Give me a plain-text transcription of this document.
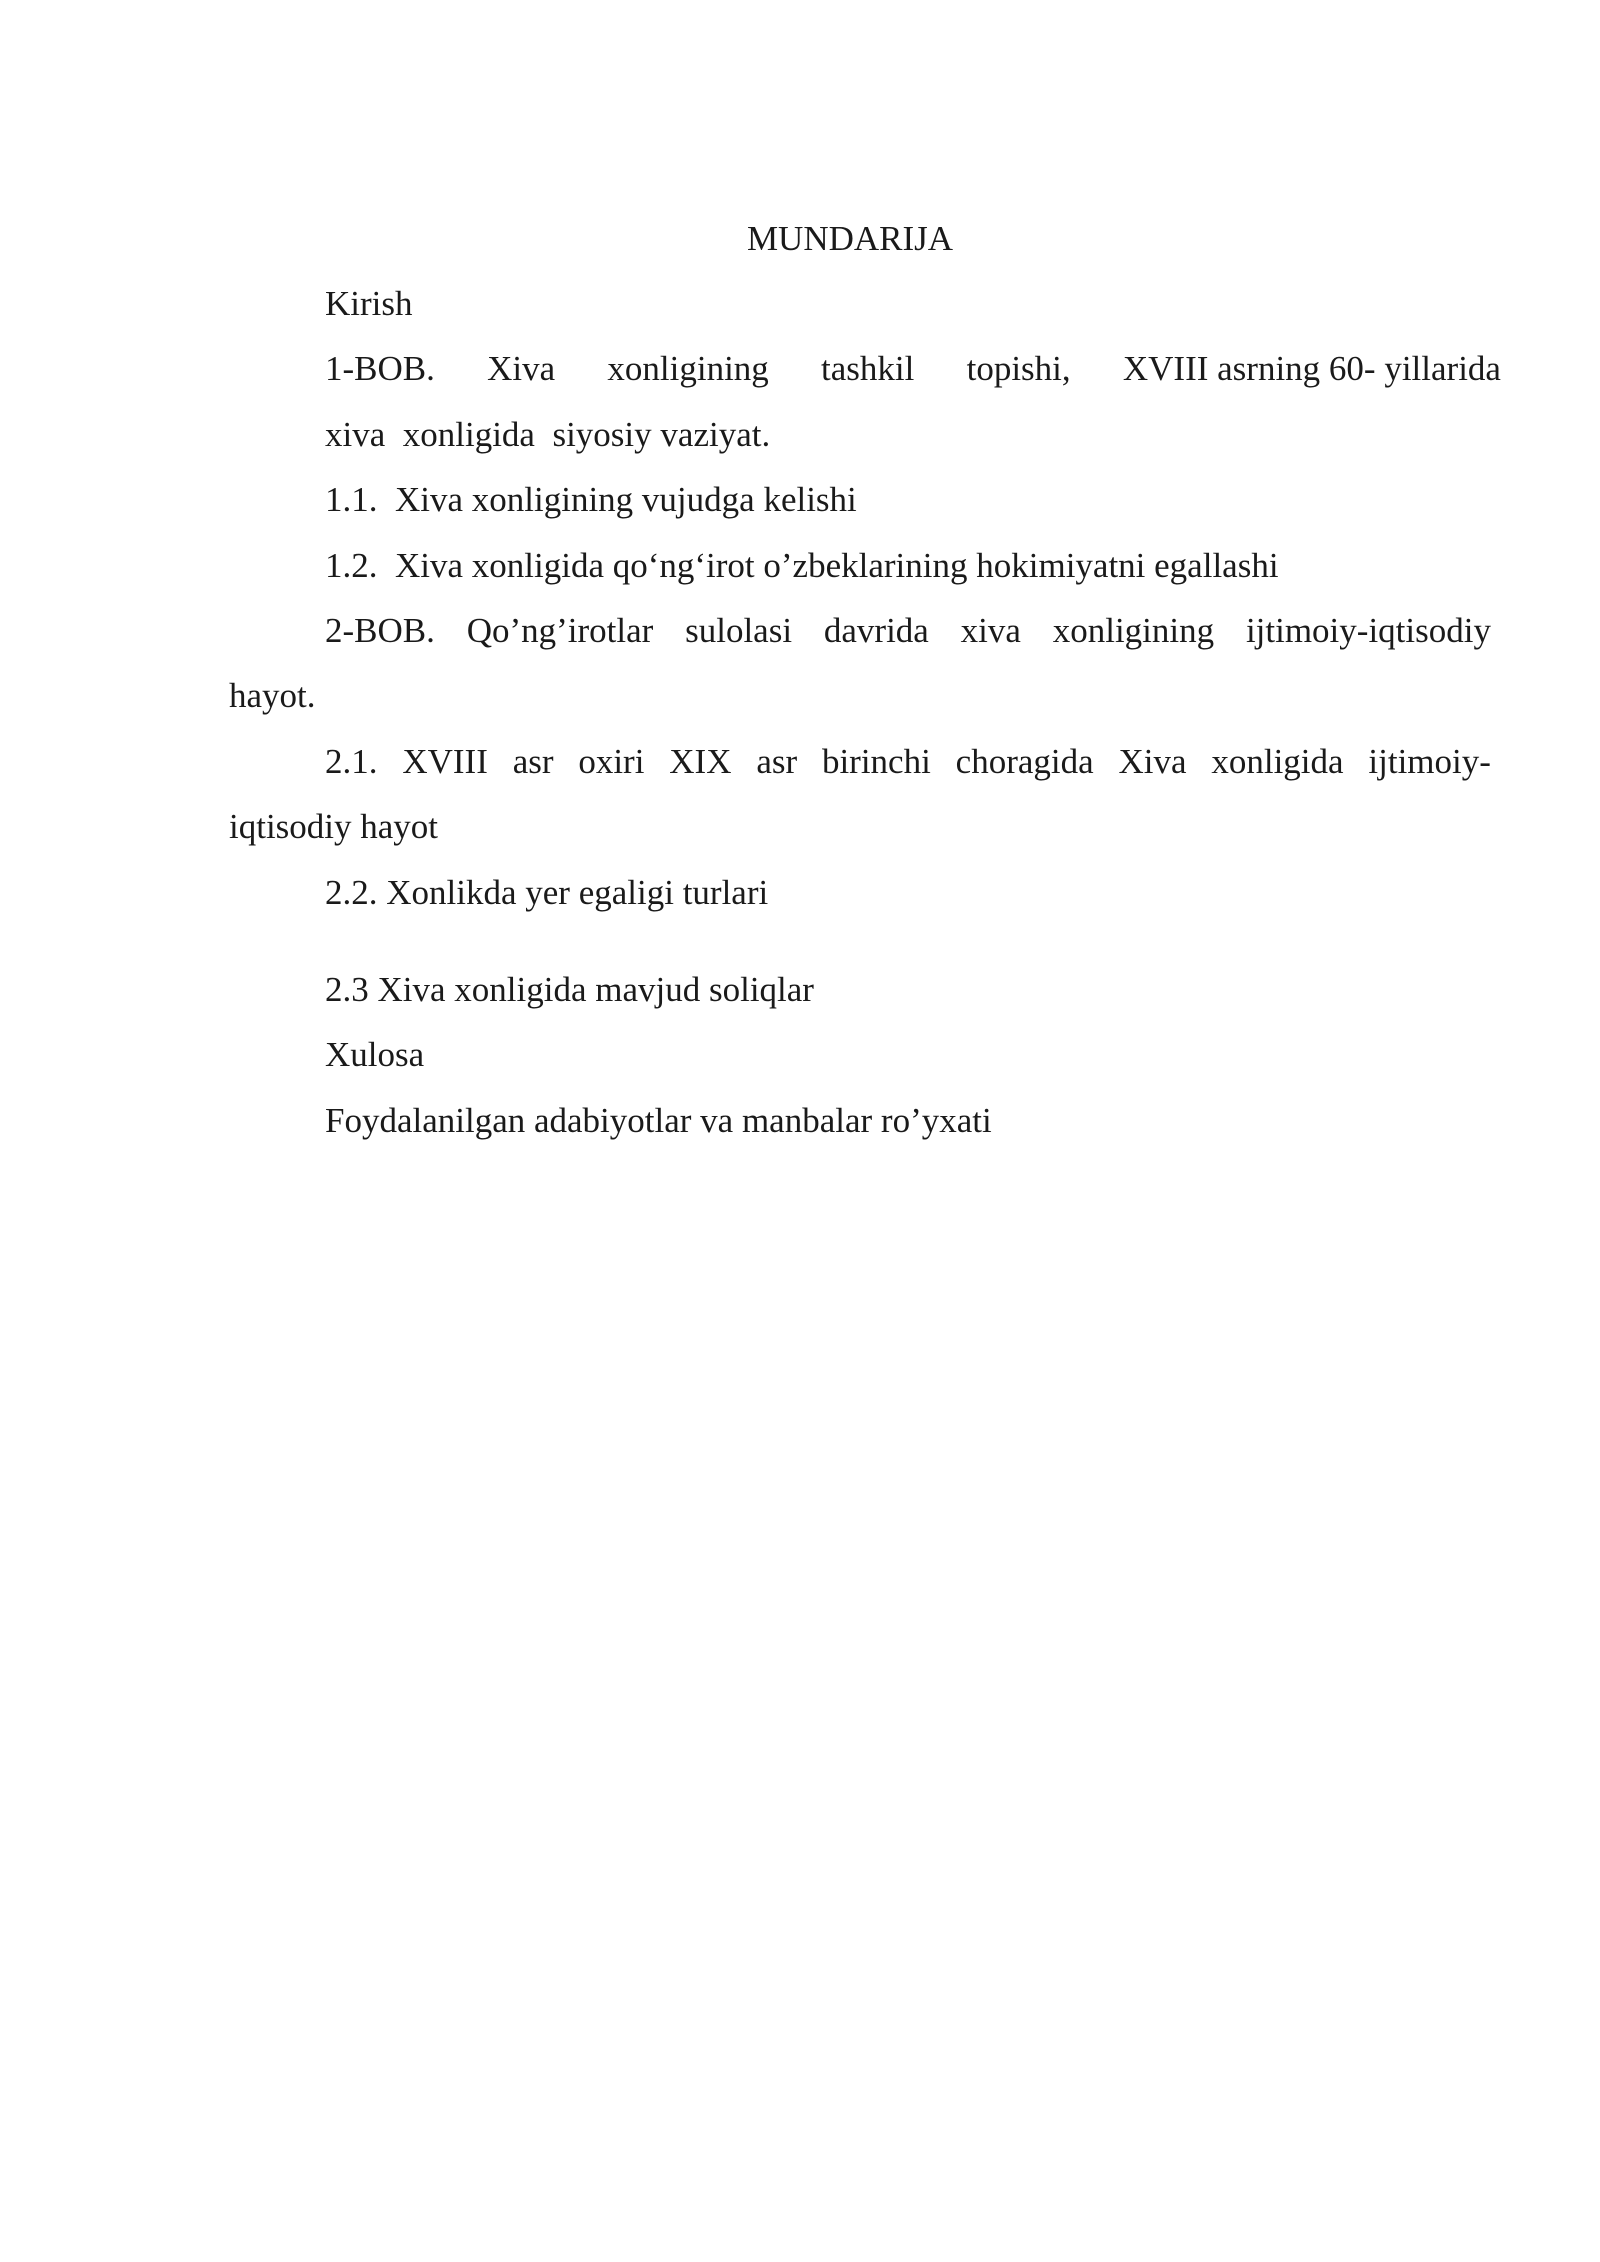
MUNDARIJA
Kirish
1-BOB. Xiva xonligining tashkil topishi, XVIII asrning 60- yillarida
xiva  xonligida  siyosiy vaziyat.
1.1.  Xiva xonligining vujudga kelishi
1.2.  Xiva xonligida qo‘ng‘irot o’zbeklarining hokimiyatni egallashi
2-BOB. Qo’ng’irotlar sulolasi davrida xiva xonligining ijtimoiy-iqtisodiy
hayot.
2.1. XVIII asr oxiri XIX asr birinchi choragida Xiva xonligida ijtimoiy-
iqtisodiy hayot
2.2. Xonlikda yer egaligi turlari
2.3 Xiva xonligida mavjud soliqlar
Xulosa
Foydalanilgan adabiyotlar va manbalar ro’yxati
